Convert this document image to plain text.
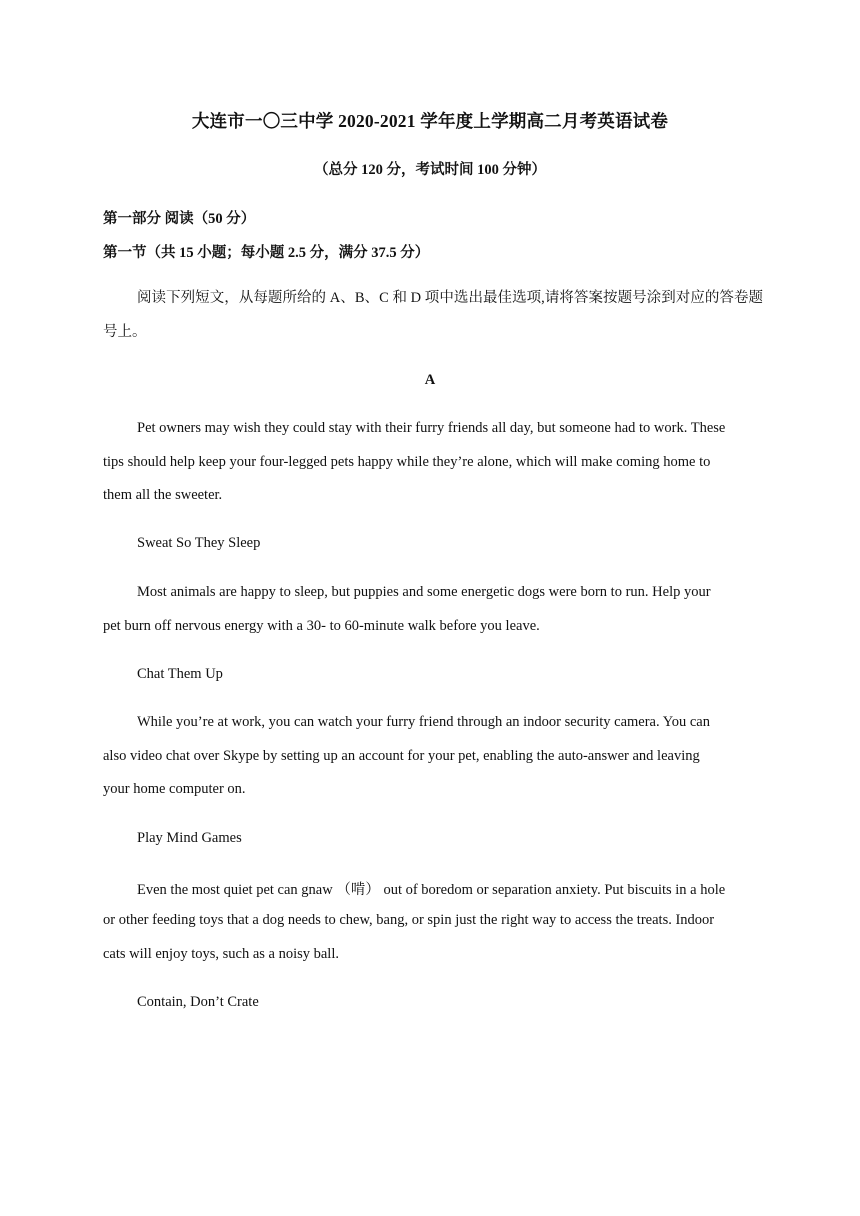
大连市一〇三中学 2020-2021 学年度上学期高二月考英语试卷
（总分 120 分，考试时间 100 分钟）
第一部分 阅读（50 分）
第一节（共 15 小题；每小题 2.5 分，满分 37.5 分）
阅读下列短文，从每题所给的 A、B、C 和 D 项中选出最佳选项,请将答案按题号涂到对应的答卷题号上。
A
Pet owners may wish they could stay with their furry friends all day, but someone had to work. These
tips should help keep your four-legged pets happy while they’re alone, which will make coming home to
them all the sweeter.
Sweat So They Sleep
Most animals are happy to sleep, but puppies and some energetic dogs were born to run. Help your
pet burn off nervous energy with a 30- to 60-minute walk before you leave.
Chat Them Up
While you’re at work, you can watch your furry friend through an indoor security camera. You can
also video chat over Skype by setting up an account for your pet, enabling the auto-answer and leaving
your home computer on.
Play Mind Games
Even the most quiet pet can gnaw （啃） out of boredom or separation anxiety. Put biscuits in a hole
or other feeding toys that a dog needs to chew, bang, or spin just the right way to access the treats. Indoor
cats will enjoy toys, such as a noisy ball.
Contain, Don’t Crate
